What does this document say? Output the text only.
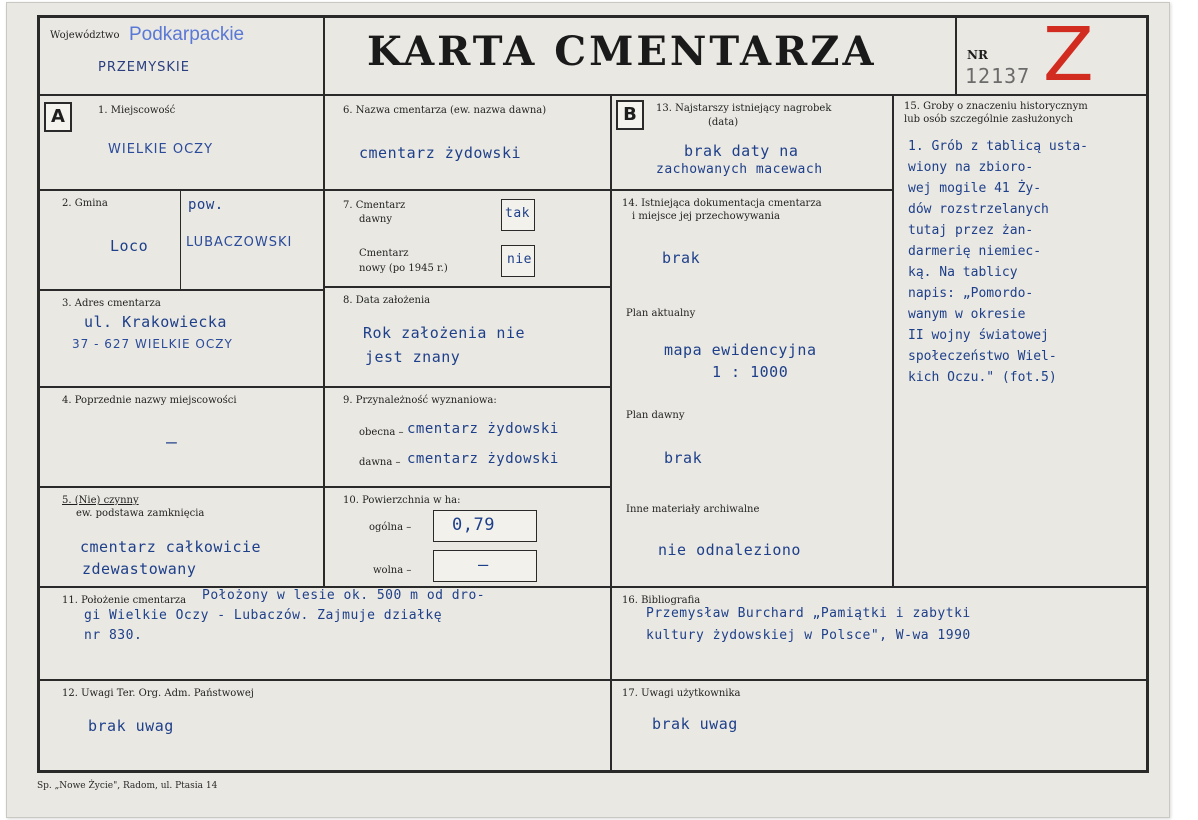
Województwo Podkarpackie
PRZEMYSKIE	KARTA CMENTARZA	NR
12137 Z
A	1. Miejscowość
WIELKIE OCZY
2. Gmina
Loco
pow.
LUBACZOWSKI
3. Adres cmentarza
ul. Krakowiecka
37 - 627 WIELKIE OCZY
4. Poprzednie nazwy miejscowości
—
5. (Nie) czynny
ew. podstawa zamknięcia
cmentarz całkowicie
zdewastowany
6. Nazwa cmentarza (ew. nazwa dawna)
cmentarz żydowski
7. Cmentarz
dawny	tak
Cmentarz
nowy (po 1945 r.)
nie
8. Data założenia
Rok założenia nie
jest znany
9. Przynależność wyznaniowa:
obecna – cmentarz żydowski
dawna – cmentarz żydowski
10. Powierzchnia w ha:
ogólna – 0,79
wolna –	–
B	13. Najstarszy istniejący nagrobek
(data)
brak daty na
zachowanych macewach
14. Istniejąca dokumentacja cmentarza
i miejsce jej przechowywania
brak
Plan aktualny
mapa ewidencyjna
1 : 1000
Plan dawny
brak
Inne materiały archiwalne
nie odnaleziono
15. Groby o znaczeniu historycznym
lub osób szczególnie zasłużonych
1. Grób z tablicą usta-
wiony na zbioro-
wej mogile 41 Ży-
dów rozstrzelanych
tutaj przez żan-
darmerię niemiec-
ką. Na tablicy
napis: „Pomordo-
wanym w okresie
II wojny światowej
społeczeństwo Wiel-
kich Oczu." (fot.5)
11. Położenie cmentarza Położony w lesie ok. 500 m od dro-
gi Wielkie Oczy - Lubaczów. Zajmuje działkę
nr 830.
16. Bibliografia
Przemysław Burchard „Pamiątki i zabytki
kultury żydowskiej w Polsce", W-wa 1990
12. Uwagi Ter. Org. Adm. Państwowej
brak uwag
17. Uwagi użytkownika
brak uwag
Sp. „Nowe Życie", Radom, ul. Ptasia 14
